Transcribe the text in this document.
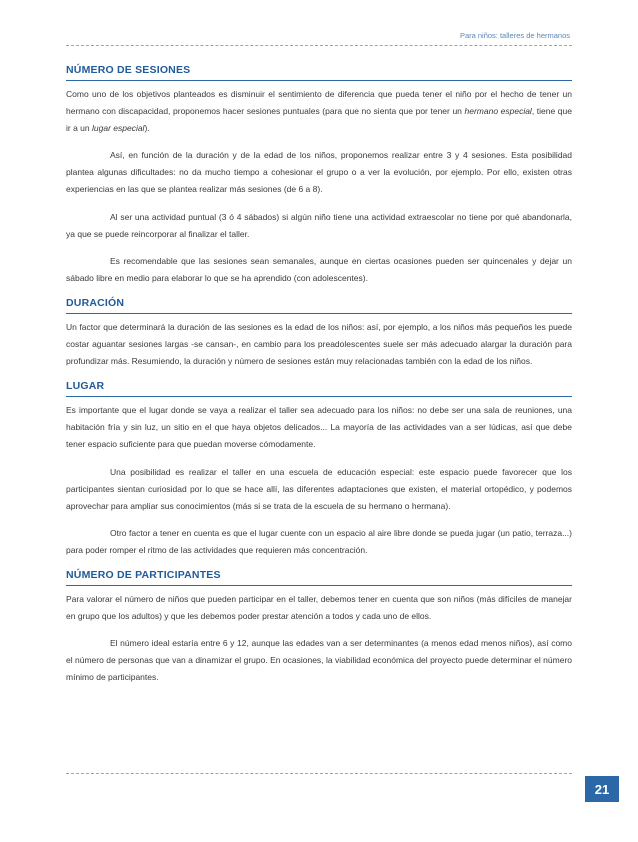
Para niños: talleres de hermanos
NÚMERO DE SESIONES

Como uno de los objetivos planteados es disminuir el sentimiento de diferencia que pueda tener el niño por el hecho de tener un hermano con discapacidad, proponemos hacer sesiones puntuales (para que no sienta que por tener un hermano especial, tiene que ir a un lugar especial).

Así, en función de la duración y de la edad de los niños, proponemos realizar entre 3 y 4 sesiones. Esta posibilidad plantea algunas dificultades: no da mucho tiempo a cohesionar el grupo o a ver la evolución, por ejemplo. Por ello, existen otras experiencias en las que se plantea realizar más sesiones (de 6 a 8).

Al ser una actividad puntual (3 ó 4 sábados) si algún niño tiene una actividad extraescolar no tiene por qué abandonarla, ya que se puede reincorporar al finalizar el taller.

Es recomendable que las sesiones sean semanales, aunque en ciertas ocasiones pueden ser quincenales y dejar un sábado libre en medio para elaborar lo que se ha aprendido (con adolescentes).

DURACIÓN

Un factor que determinará la duración de las sesiones es la edad de los niños: así, por ejemplo, a los niños más pequeños les puede costar aguantar sesiones largas -se cansan-, en cambio para los preadolescentes suele ser más adecuado alargar la duración para profundizar más. Resumiendo, la duración y número de sesiones están muy relacionadas también con la edad de los niños.

LUGAR

Es importante que el lugar donde se vaya a realizar el taller sea adecuado para los niños: no debe ser una sala de reuniones, una habitación fría y sin luz, un sitio en el que haya objetos delicados... La mayoría de las actividades van a ser lúdicas, así que debe tener espacio suficiente para que puedan moverse cómodamente.

Una posibilidad es realizar el taller en una escuela de educación especial: este espacio puede favorecer que los participantes sientan curiosidad por lo que se hace allí, las diferentes adaptaciones que existen, el material ortopédico, y podemos aprovechar para ampliar sus conocimientos (más si se trata de la escuela de su hermano o hermana).

Otro factor a tener en cuenta es que el lugar cuente con un espacio al aire libre donde se pueda jugar (un patio, terraza...) para poder romper el ritmo de las actividades que requieren más concentración.

NÚMERO DE PARTICIPANTES

Para valorar el número de niños que pueden participar en el taller, debemos tener en cuenta que son niños (más difíciles de manejar en grupo que los adultos) y que les debemos poder prestar atención a todos y cada uno de ellos.

El número ideal estaría entre 6 y 12, aunque las edades van a ser determinantes (a menos edad menos niños), así como el número de personas que van a dinamizar el grupo. En ocasiones, la viabilidad económica del proyecto puede determinar el número mínimo de participantes.

21
